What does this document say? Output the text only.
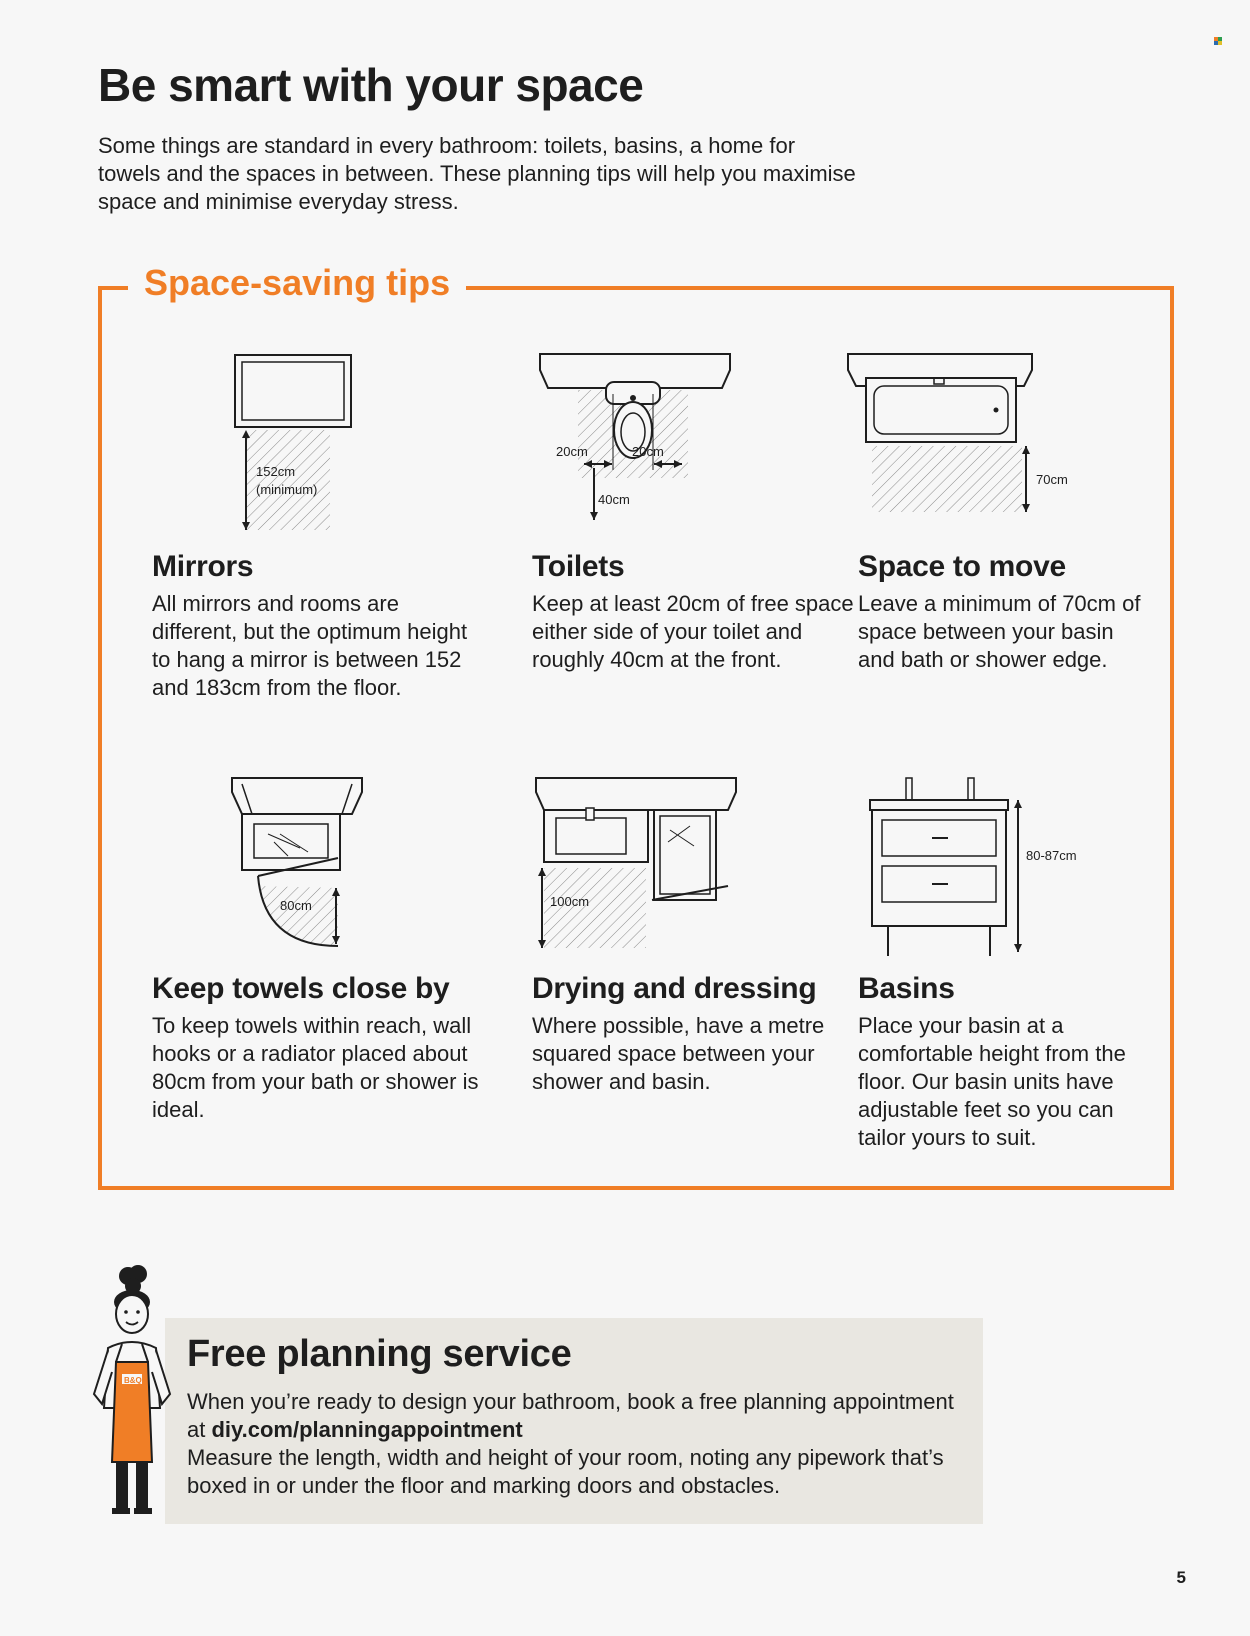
Be smart with your space

Some things are standard in every bathroom: toilets, basins, a home for towels and the spaces in between. These planning tips will help you maximise space and minimise everyday stress.

Space-saving tips
152cm
(minimum)
20cm	20cm
40cm
70cm
Mirrors

All mirrors and rooms are different, but the optimum height to hang a mirror is between 152 and 183cm from the floor.

Toilets

Keep at least 20cm of free space either side of your toilet and roughly 40cm at the front.

Space to move

Leave a minimum of 70cm of space between your basin and bath or shower edge.

80cm	100cm
80-87cm
Keep towels close by

To keep towels within reach, wall hooks or a radiator placed about 80cm from your bath or shower is ideal.

Drying and dressing

Where possible, have a metre squared space between your shower and basin.

Basins

Place your basin at a comfortable height from the floor. Our basin units have adjustable feet so you can tailor yours to suit.

B&Q
Free planning service

When you’re ready to design your bathroom, book a free planning appointment at diy.com/planningappointment
Measure the length, width and height of your room, noting any pipework that’s boxed in or under the floor and marking doors and obstacles.

5
